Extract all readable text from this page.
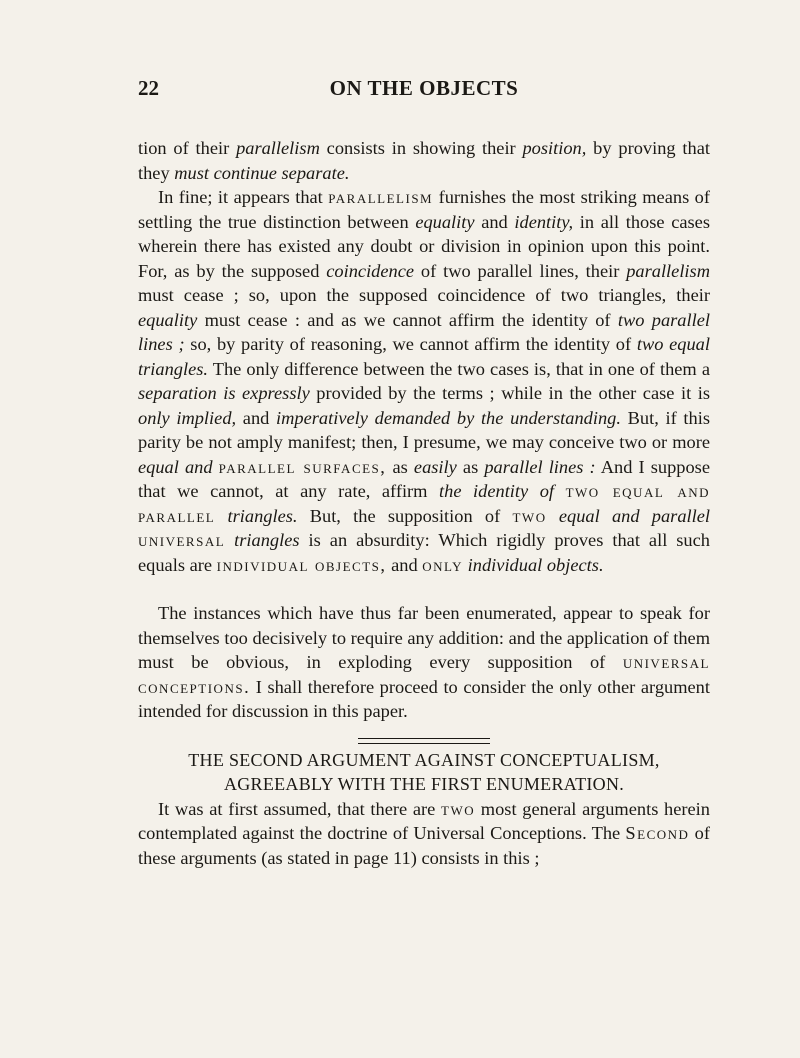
22	ON THE OBJECTS

tion of their parallelism consists in showing their position, by proving that they must continue separate.

In fine; it appears that parallelism furnishes the most striking means of settling the true distinction between equality and identity, in all those cases wherein there has existed any doubt or division in opinion upon this point. For, as by the supposed coincidence of two parallel lines, their parallelism must cease ; so, upon the supposed coincidence of two triangles, their equality must cease : and as we cannot affirm the identity of two parallel lines ; so, by parity of reasoning, we cannot affirm the identity of two equal triangles. The only difference between the two cases is, that in one of them a separation is expressly provided by the terms ; while in the other case it is only implied, and imperatively demanded by the understanding. But, if this parity be not amply manifest; then, I presume, we may conceive two or more equal and parallel surfaces, as easily as parallel lines : And I suppose that we cannot, at any rate, affirm the identity of two equal and parallel triangles. But, the supposition of two equal and parallel universal triangles is an absurdity: Which rigidly proves that all such equals are individual objects, and only individual objects.

The instances which have thus far been enumerated, appear to speak for themselves too decisively to require any addition: and the application of them must be obvious, in exploding every supposition of universal conceptions. I shall therefore proceed to consider the only other argument intended for discussion in this paper.

THE SECOND ARGUMENT AGAINST CONCEPTUALISM,
AGREEABLY WITH THE FIRST ENUMERATION.

It was at first assumed, that there are two most general arguments herein contemplated against the doctrine of Universal Conceptions. The Second of these arguments (as stated in page 11) consists in this ;
